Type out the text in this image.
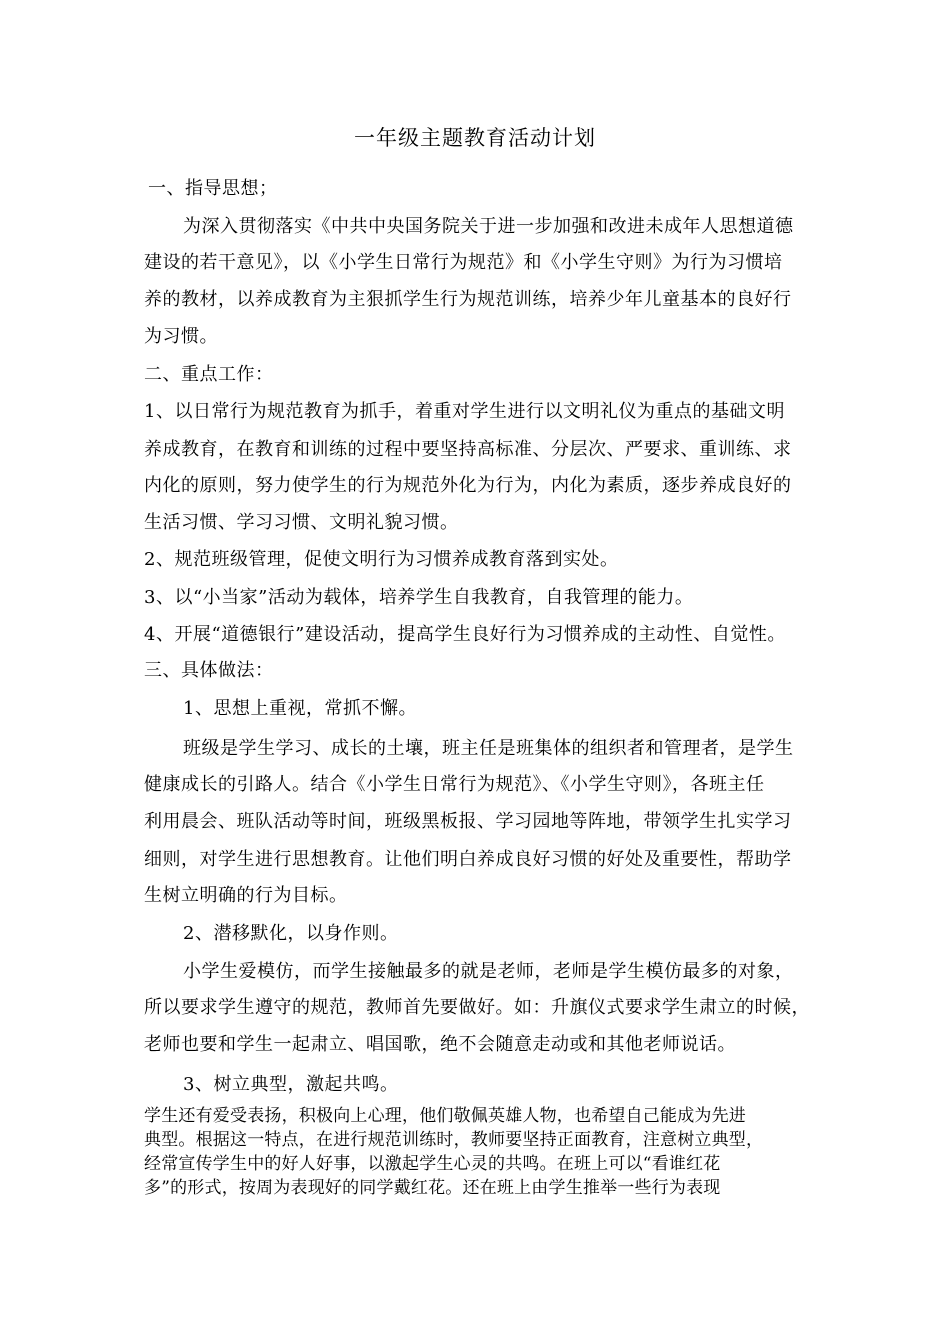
一年级主题教育活动计划
一、指导思想；
为深入贯彻落实《中共中央国务院关于进一步加强和改进未成年人思想道德
建设的若干意见》，以《小学生日常行为规范》和《小学生守则》为行为习惯培
养的教材，以养成教育为主狠抓学生行为规范训练，培养少年儿童基本的良好行
为习惯。
二、重点工作：
1、以日常行为规范教育为抓手，着重对学生进行以文明礼仪为重点的基础文明
养成教育，在教育和训练的过程中要坚持高标准、分层次、严要求、重训练、求
内化的原则，努力使学生的行为规范外化为行为，内化为素质，逐步养成良好的
生活习惯、学习习惯、文明礼貌习惯。
2、规范班级管理，促使文明行为习惯养成教育落到实处。
3、以“小当家”活动为载体，培养学生自我教育，自我管理的能力。
4、开展“道德银行”建设活动，提高学生良好行为习惯养成的主动性、自觉性。
三、具体做法：
1、思想上重视，常抓不懈。
班级是学生学习、成长的土壤，班主任是班集体的组织者和管理者，是学生
健康成长的引路人。结合《小学生日常行为规范》、《小学生守则》，各班主任
利用晨会、班队活动等时间，班级黑板报、学习园地等阵地，带领学生扎实学习
细则，对学生进行思想教育。让他们明白养成良好习惯的好处及重要性，帮助学
生树立明确的行为目标。
2、潜移默化，以身作则。
小学生爱模仿，而学生接触最多的就是老师，老师是学生模仿最多的对象，
所以要求学生遵守的规范，教师首先要做好。如：升旗仪式要求学生肃立的时候，
老师也要和学生一起肃立、唱国歌，绝不会随意走动或和其他老师说话。
3、树立典型，激起共鸣。
学生还有爱受表扬，积极向上心理，他们敬佩英雄人物，也希望自己能成为先进
典型。根据这一特点，在进行规范训练时，教师要坚持正面教育，注意树立典型，
经常宣传学生中的好人好事，以激起学生心灵的共鸣。在班上可以“看谁红花
多”的形式，按周为表现好的同学戴红花。还在班上由学生推举一些行为表现
